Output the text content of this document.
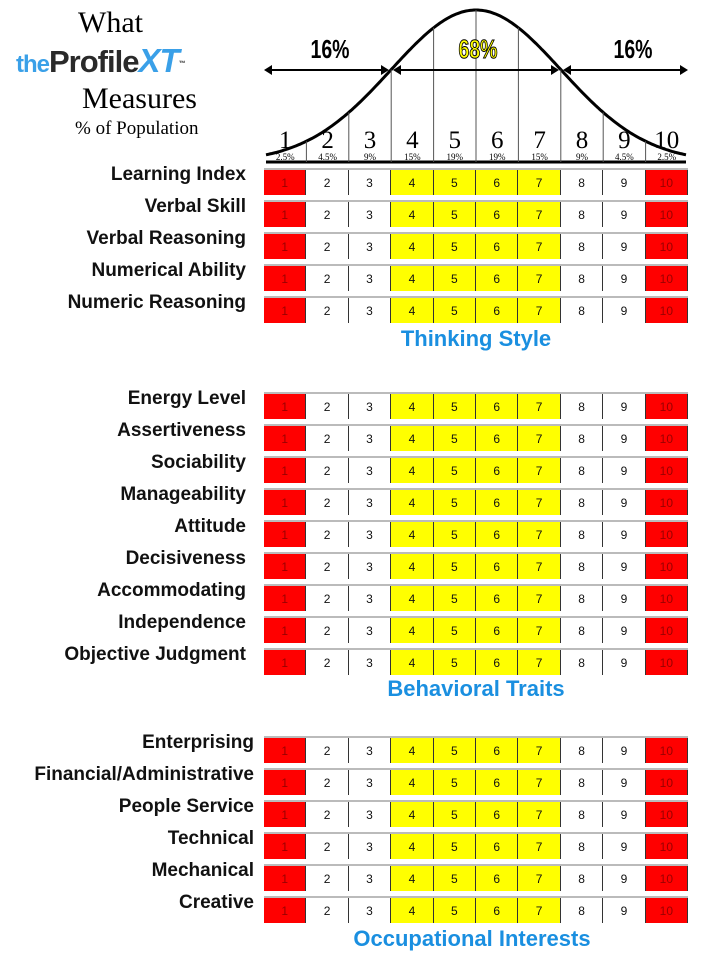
What
theProfileXT™
Measures
% of Population	1
2.5%
2
4.5%
3
9%
4
15%
5
19%
6
19%
7
15%
8
9%
9
4.5%
10
2.5%
16%	68%	16%
Learning Index	1	2	3	4	5	6	7	8	9	10
Verbal Skill	1	2	3	4	5	6	7	8	9	10
Verbal Reasoning	1	2	3	4	5	6	7	8	9	10
Numerical Ability	1	2	3	4	5	6	7	8	9	10
Numeric Reasoning	1	2	3	4	5	6	7	8	9	10
Thinking Style
Energy Level	1	2	3	4	5	6	7	8	9	10
Assertiveness	1	2	3	4	5	6	7	8	9	10
Sociability	1	2	3	4	5	6	7	8	9	10
Manageability	1	2	3	4	5	6	7	8	9	10
Attitude	1	2	3	4	5	6	7	8	9	10
Decisiveness	1	2	3	4	5	6	7	8	9	10
Accommodating	1	2	3	4	5	6	7	8	9	10
Independence	1	2	3	4	5	6	7	8	9	10
Objective Judgment	1	2	3	4	5	6	7	8	9	10
Behavioral Traits
Enterprising	1	2	3	4	5	6	7	8	9	10
Financial/Administrative	1	2	3	4	5	6	7	8	9	10
People Service	1	2	3	4	5	6	7	8	9	10
Technical	1	2	3	4	5	6	7	8	9	10
Mechanical	1	2	3	4	5	6	7	8	9	10
Creative	1	2	3	4	5	6	7	8	9	10
Occupational Interests
